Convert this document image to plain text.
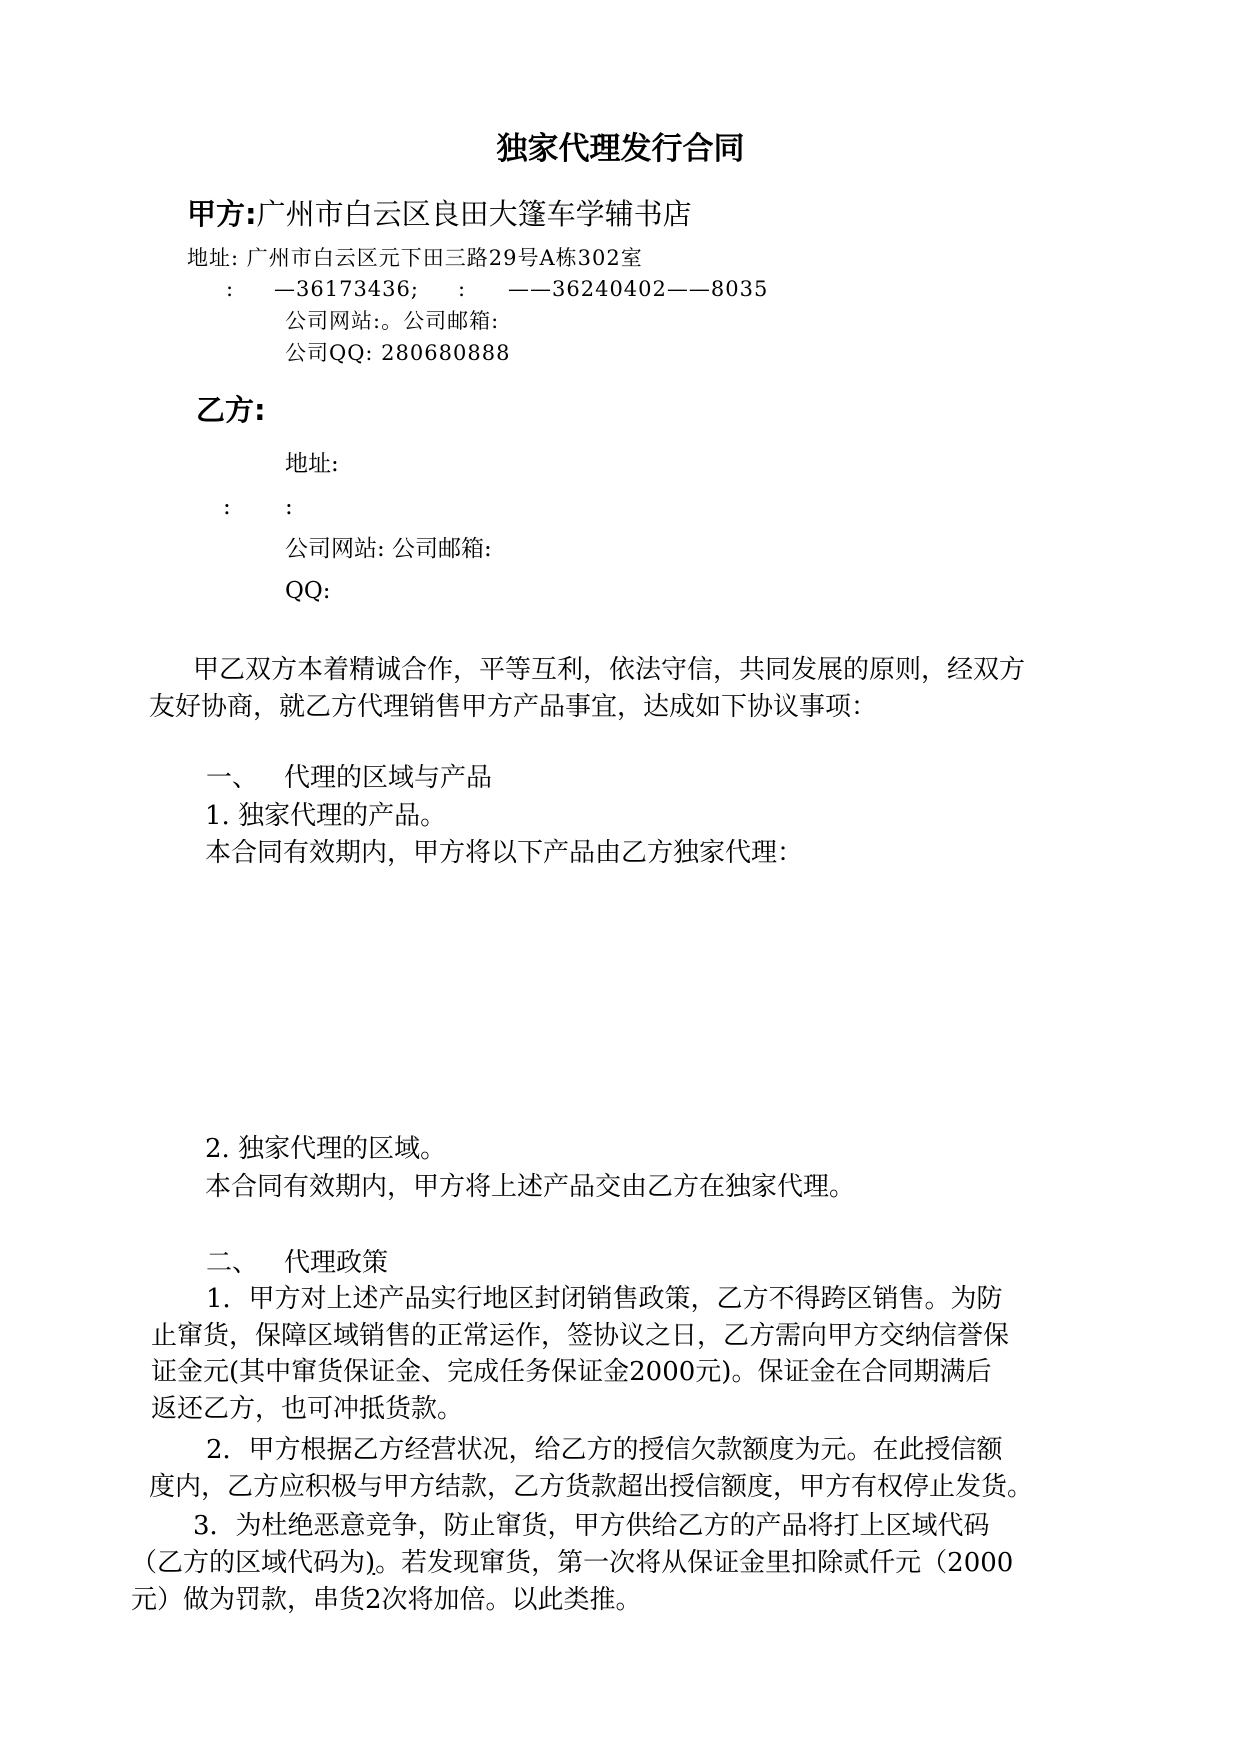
独家代理发行合同
甲方:广州市白云区良田大篷车学辅书店
地址: 广州市白云区元下田三路29号A栋302室
: —36173436; : ——36240402——8035
公司网站:。公司邮箱:
公司QQ: 280680888
乙方:
地址:
: :
公司网站: 公司邮箱:
QQ:
甲乙双方本着精诚合作，平等互利，依法守信，共同发展的原则，经双方
友好协商，就乙方代理销售甲方产品事宜，达成如下协议事项：
一、 代理的区域与产品
1. 独家代理的产品。
本合同有效期内，甲方将以下产品由乙方独家代理：
2. 独家代理的区域。
本合同有效期内，甲方将上述产品交由乙方在独家代理。
二、 代理政策
1．甲方对上述产品实行地区封闭销售政策，乙方不得跨区销售。为防
止窜货，保障区域销售的正常运作，签协议之日，乙方需向甲方交纳信誉保
证金元(其中窜货保证金、完成任务保证金2000元)。保证金在合同期满后
返还乙方，也可冲抵货款。
2．甲方根据乙方经营状况，给乙方的授信欠款额度为元。在此授信额
度内，乙方应积极与甲方结款，乙方货款超出授信额度，甲方有权停止发货。
3．为杜绝恶意竞争，防止窜货，甲方供给乙方的产品将打上区域代码
（乙方的区域代码为)。若发现窜货，第一次将从保证金里扣除贰仟元（2000
元）做为罚款，串货2次将加倍。以此类推。
